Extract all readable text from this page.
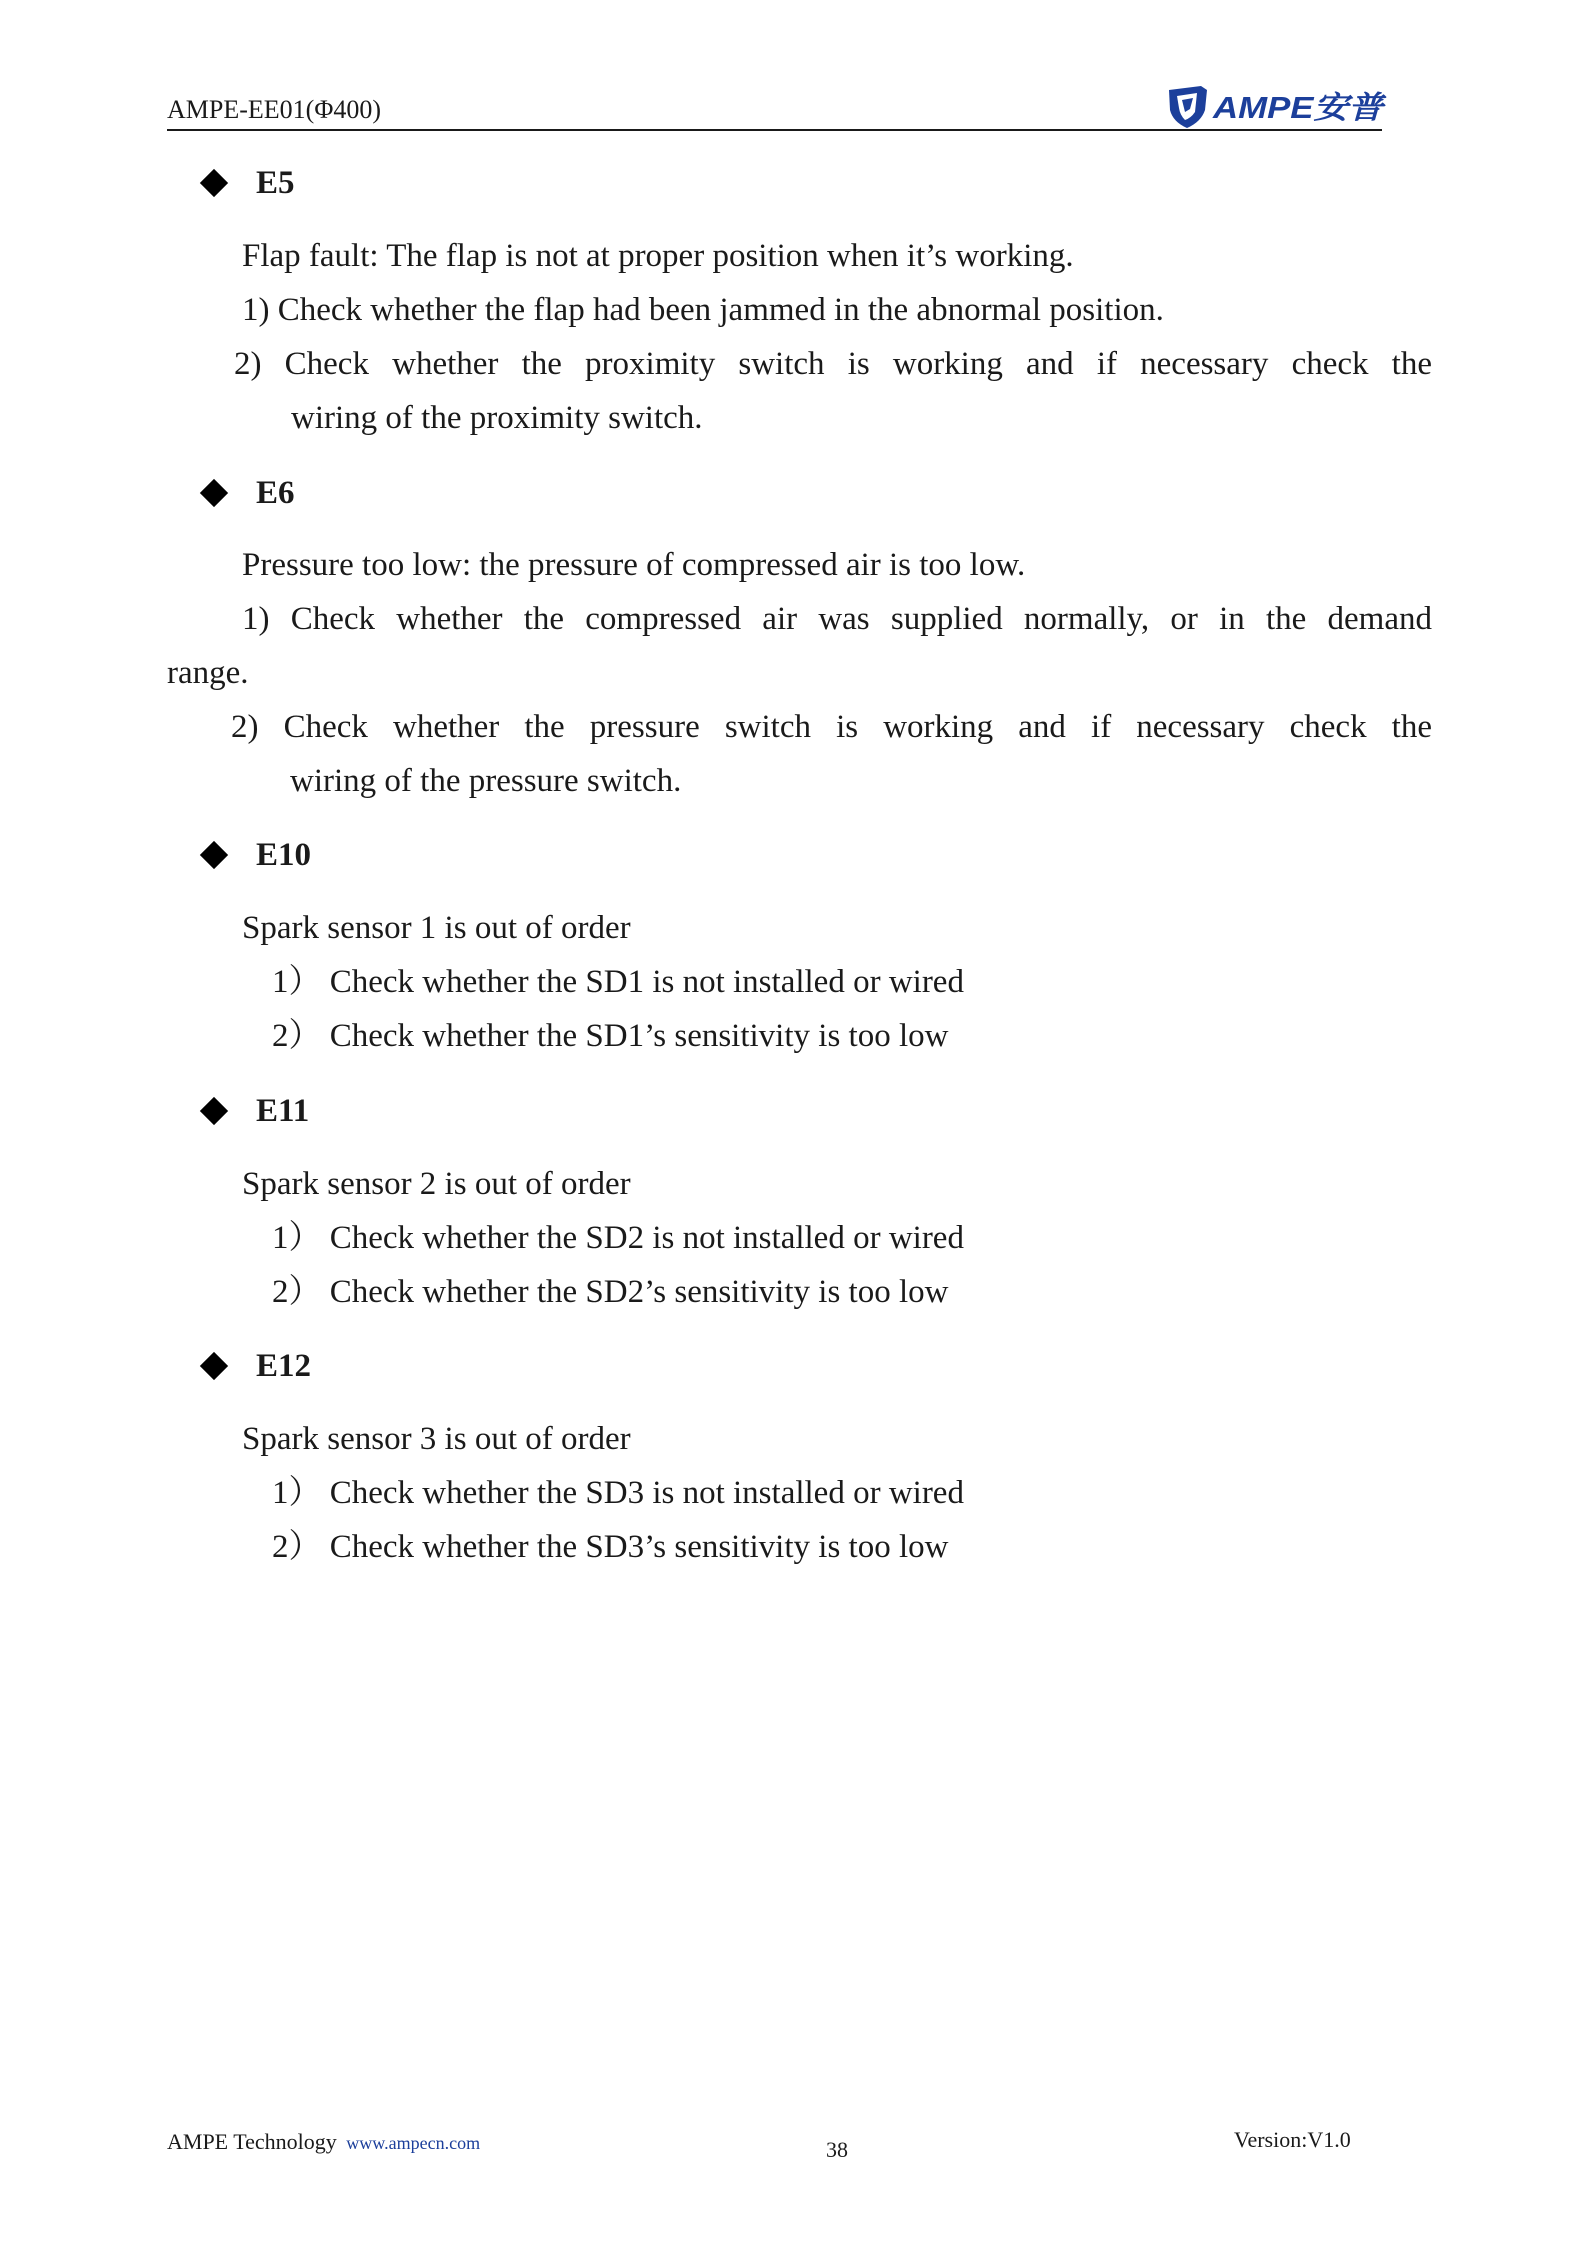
AMPE-EE01(Φ400)	AMPE安普
E5
Flap fault: The flap is not at proper position when it’s working.
1) Check whether the flap had been jammed in the abnormal position.
2) Check whether the proximity switch is working and if necessary check the
wiring of the proximity switch.
E6
Pressure too low: the pressure of compressed air is too low.
1) Check whether the compressed air was supplied normally, or in the demand
range.
2) Check whether the pressure switch is working and if necessary check the
wiring of the pressure switch.
E10
Spark sensor 1 is out of order
1） Check whether the SD1 is not installed or wired
2） Check whether the SD1’s sensitivity is too low
E11
Spark sensor 2 is out of order
1） Check whether the SD2 is not installed or wired
2） Check whether the SD2’s sensitivity is too low
E12
Spark sensor 3 is out of order
1） Check whether the SD3 is not installed or wired
2） Check whether the SD3’s sensitivity is too low
AMPE Technology www.ampecn.com	38	Version:V1.0
